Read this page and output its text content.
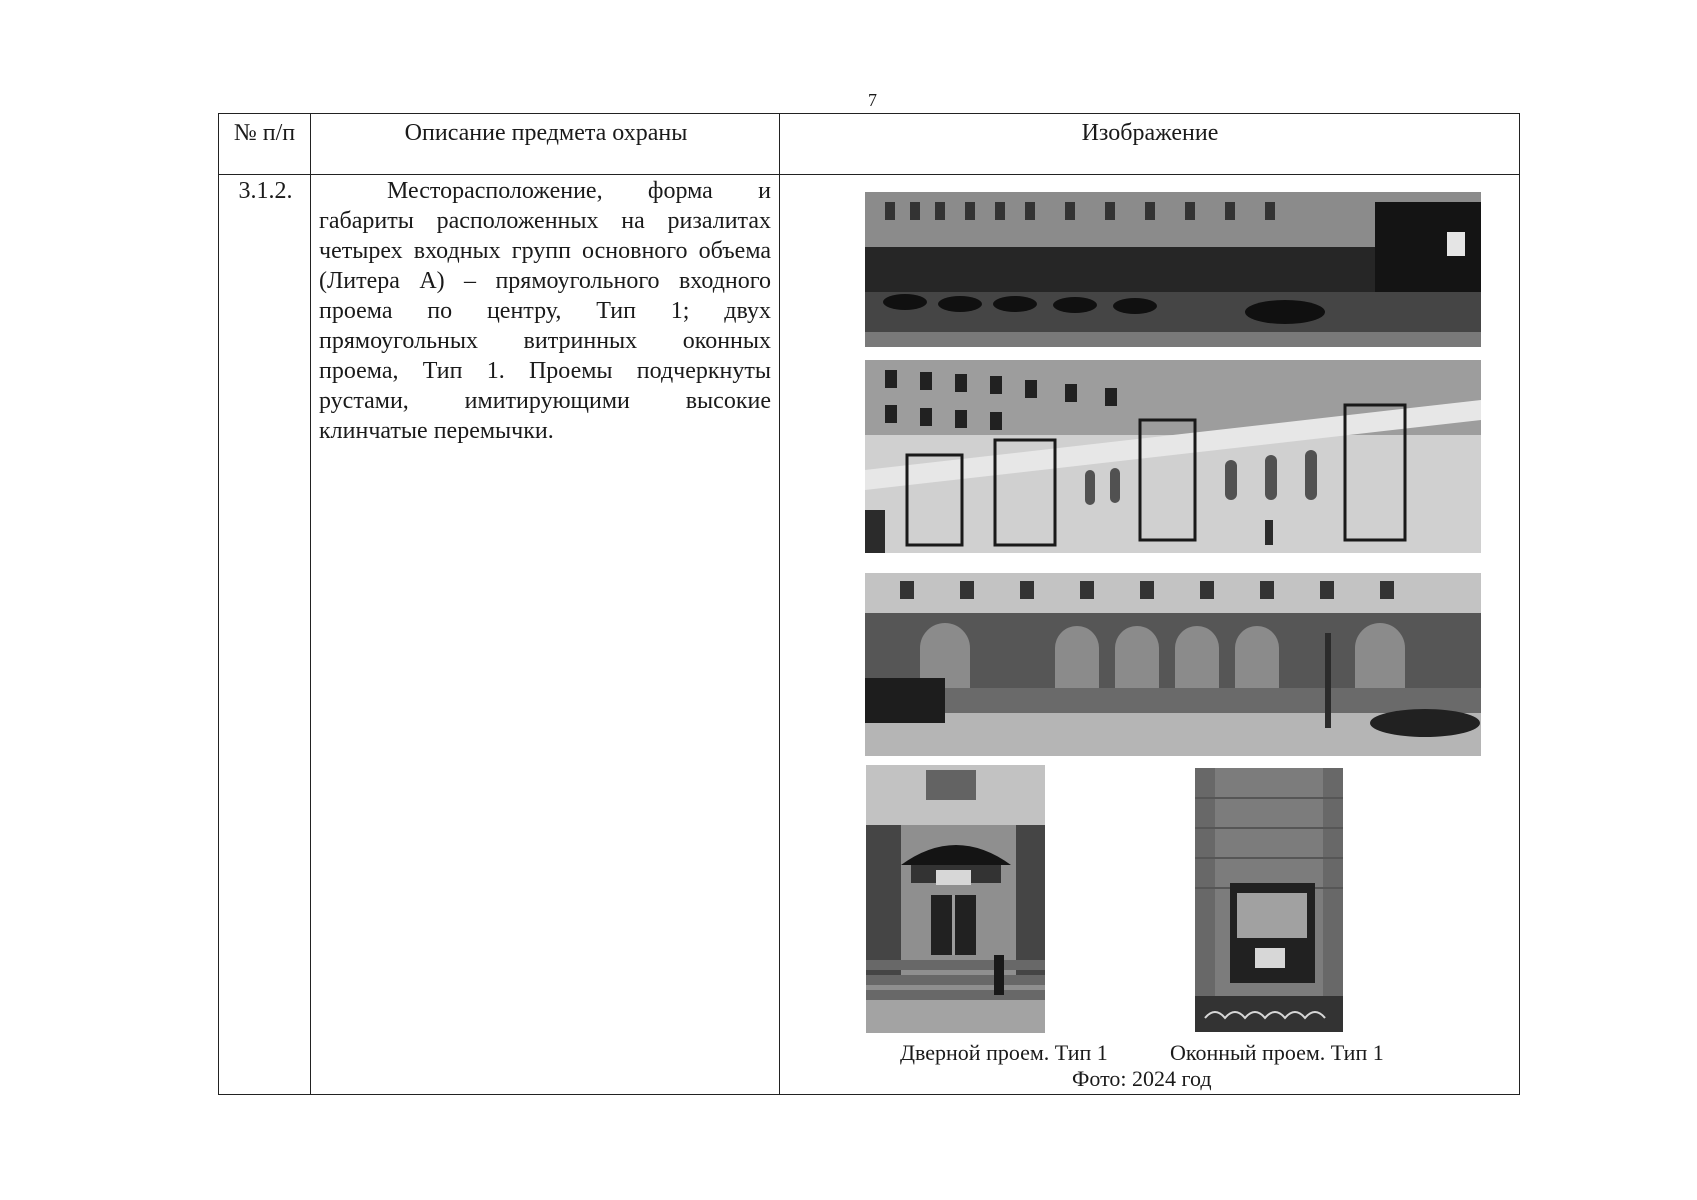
7
№ п/п	Описание предмета охраны	Изображение
3.1.2.	Месторасположение, форма и габариты расположенных на ризалитах четырех входных групп основного объема (Литера А) – прямоугольного входного проема по центру, Тип 1; двух прямоугольных витринных оконных проема, Тип 1. Проемы подчеркнуты рустами, имитирующими высокие клинчатые перемычки.
Дверной проем. Тип 1	Оконный проем. Тип 1
Фото: 2024 год
